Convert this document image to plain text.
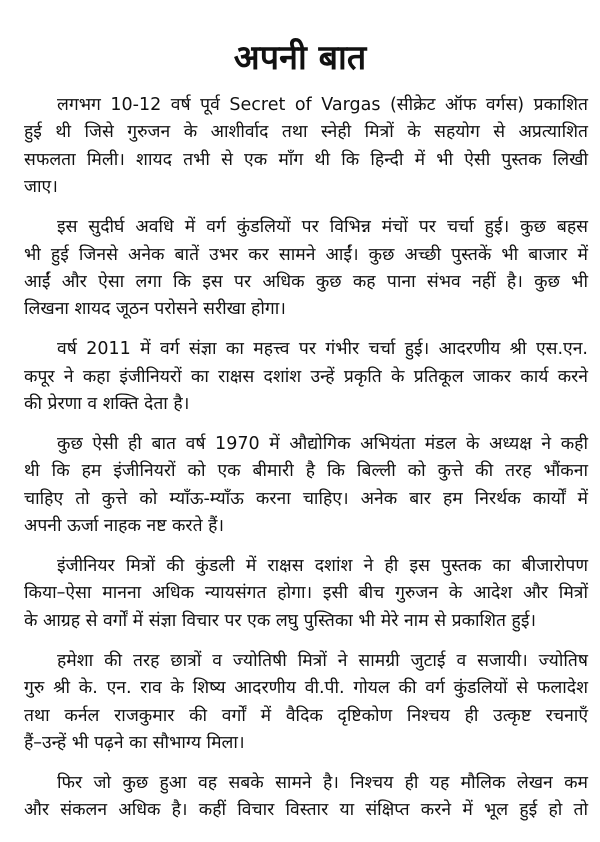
अपनी बात
लगभग 10-12 वर्ष पूर्व Secret of Vargas (सीक्रेट ऑफ वर्गस) प्रकाशित
हुई थी जिसे गुरुजन के आशीर्वाद तथा स्नेही मित्रों के सहयोग से अप्रत्याशित
सफलता मिली। शायद तभी से एक माँग थी कि हिन्दी में भी ऐसी पुस्तक लिखी
जाए।
इस सुदीर्घ अवधि में वर्ग कुंडलियों पर विभिन्न मंचों पर चर्चा हुई। कुछ बहस
भी हुई जिनसे अनेक बातें उभर कर सामने आईं। कुछ अच्छी पुस्तकें भी बाजार में
आईं और ऐसा लगा कि इस पर अधिक कुछ कह पाना संभव नहीं है। कुछ भी
लिखना शायद जूठन परोसने सरीखा होगा।
वर्ष 2011 में वर्ग संज्ञा का महत्त्व पर गंभीर चर्चा हुई। आदरणीय श्री एस.एन.
कपूर ने कहा इंजीनियरों का राक्षस दशांश उन्हें प्रकृति के प्रतिकूल जाकर कार्य करने
की प्रेरणा व शक्ति देता है।
कुछ ऐसी ही बात वर्ष 1970 में औद्योगिक अभियंता मंडल के अध्यक्ष ने कही
थी कि हम इंजीनियरों को एक बीमारी है कि बिल्ली को कुत्ते की तरह भौंकना
चाहिए तो कुत्ते को म्याँऊ-म्याँऊ करना चाहिए। अनेक बार हम निरर्थक कार्यों में
अपनी ऊर्जा नाहक नष्ट करते हैं।
इंजीनियर मित्रों की कुंडली में राक्षस दशांश ने ही इस पुस्तक का बीजारोपण
किया–ऐसा मानना अधिक न्यायसंगत होगा। इसी बीच गुरुजन के आदेश और मित्रों
के आग्रह से वर्गों में संज्ञा विचार पर एक लघु पुस्तिका भी मेरे नाम से प्रकाशित हुई।
हमेशा की तरह छात्रों व ज्योतिषी मित्रों ने सामग्री जुटाई व सजायी। ज्योतिष
गुरु श्री के. एन. राव के शिष्य आदरणीय वी.पी. गोयल की वर्ग कुंडलियों से फलादेश
तथा कर्नल राजकुमार की वर्गों में वैदिक दृष्टिकोण निश्चय ही उत्कृष्ट रचनाएँ
हैं–उन्हें भी पढ़ने का सौभाग्य मिला।
फिर जो कुछ हुआ वह सबके सामने है। निश्चय ही यह मौलिक लेखन कम
और संकलन अधिक है। कहीं विचार विस्तार या संक्षिप्त करने में भूल हुई हो तो
